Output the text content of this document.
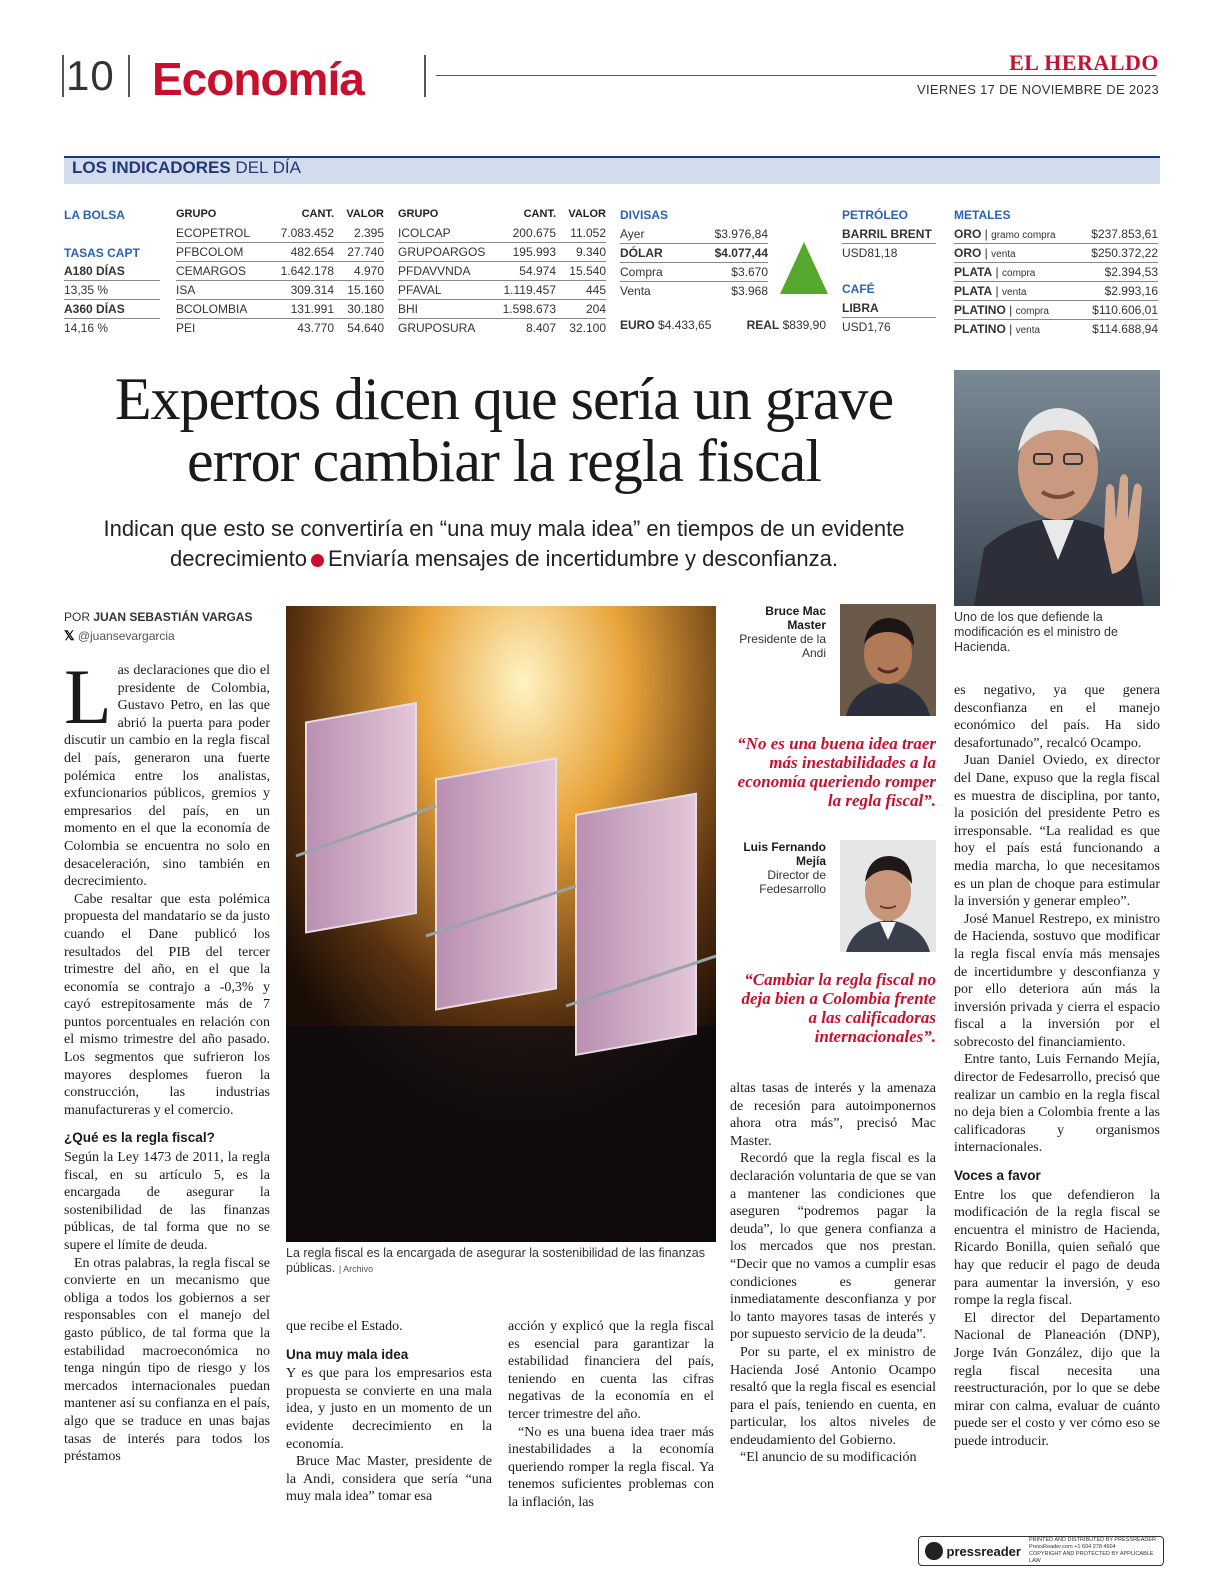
10 Economía	EL HERALDO
VIERNES 17 DE NOVIEMBRE DE 2023
LOS INDICADORES DEL DÍA
LA BOLSA
TASAS CAPT
A180 DÍAS
13,35 %
A360 DÍAS
14,16 %
GRUPO	CANT.	VALOR
ECOPETROL	7.083.452	2.395
PFBCOLOM	482.654	27.740
CEMARGOS	1.642.178	4.970
ISA	309.314	15.160
BCOLOMBIA	131.991	30.180
PEI	43.770	54.640
GRUPO	CANT.	VALOR
ICOLCAP	200.675	11.052
GRUPOARGOS	195.993	9.340
PFDAVVNDA	54.974	15.540
PFAVAL	1.119.457	445
BHI	1.598.673	204
GRUPOSURA	8.407	32.100
DIVISAS
Ayer	$3.976,84
DÓLAR	$4.077,44
Compra	$3.670
Venta	$3.968
EURO $4.433,65	REAL $839,90
PETRÓLEO
BARRIL BRENT
USD81,18
CAFÉ
LIBRA
USD1,76
METALES
ORO | gramo compra	$237.853,61
ORO | venta	$250.372,22
PLATA | compra	$2.394,53
PLATA | venta	$2.993,16
PLATINO | compra	$110.606,01
PLATINO | venta	$114.688,94
Expertos dicen que sería un grave
error cambiar la regla fiscal
Indican que esto se convertiría en “una muy mala idea” en tiempos de un evidente
decrecimiento Enviaría mensajes de incertidumbre y desconfianza.
Uno de los que defiende la modificación es el ministro de Hacienda.
POR JUAN SEBASTIÁN VARGAS
𝕏 @juansevargarcia

Las declaraciones que dio el presidente de Colombia, Gustavo Petro, en las que abrió la puerta para poder discutir un cambio en la regla fiscal del país, generaron una fuerte polémica entre los analistas, exfuncionarios públicos, gremios y empresarios del país, en un momento en el que la economía de Colombia se encuentra no solo en desaceleración, sino también en decrecimiento.

Cabe resaltar que esta polémica propuesta del mandatario se da justo cuando el Dane publicó los resultados del PIB del tercer trimestre del año, en el que la economía se contrajo a -0,3% y cayó estrepitosamente más de 7 puntos porcentuales en relación con el mismo trimestre del año pasado. Los segmentos que sufrieron los mayores desplomes fueron la construcción, las industrias manufactureras y el comercio.

¿Qué es la regla fiscal?

Según la Ley 1473 de 2011, la regla fiscal, en su artículo 5, es la encargada de asegurar la sostenibilidad de las finanzas públicas, de tal forma que no se supere el límite de deuda.

En otras palabras, la regla fiscal se convierte en un mecanismo que obliga a todos los gobiernos a ser responsables con el manejo del gasto público, de tal forma que la estabilidad macroeconómica no tenga ningún tipo de riesgo y los mercados internacionales puedan mantener así su confianza en el país, algo que se traduce en unas bajas tasas de interés para todos los préstamos

La regla fiscal es la encargada de asegurar la sostenibilidad de las finanzas públicas. | Archivo

que recibe el Estado.

Una muy mala idea

Y es que para los empresarios esta propuesta se convierte en una mala idea, y justo en un momento de un evidente decrecimiento en la economía.

Bruce Mac Master, presidente de la Andi, considera que sería “una muy mala idea” tomar esa

acción y explicó que la regla fiscal es esencial para garantizar la estabilidad financiera del país, teniendo en cuenta las cifras negativas de la economía en el tercer trimestre del año.

“No es una buena idea traer más inestabilidades a la economía queriendo romper la regla fiscal. Ya tenemos suficientes problemas con la inflación, las

Bruce Mac
Master
Presidente de la
Andi
“No es una buena idea traer más inestabilidades a la economía queriendo romper la regla fiscal”.
Luis Fernando
Mejía
Director de
Fedesarrollo
“Cambiar la regla fiscal no deja bien a Colombia frente a las calificadoras internacionales”.

altas tasas de interés y la amenaza de recesión para autoimponernos ahora otra más”, precisó Mac Master.

Recordó que la regla fiscal es la declaración voluntaria de que se van a mantener las condiciones que aseguren “podremos pagar la deuda”, lo que genera confianza a los mercados que nos prestan. “Decir que no vamos a cumplir esas condiciones es generar inmediatamente desconfianza y por lo tanto mayores tasas de interés y por supuesto servicio de la deuda”.

Por su parte, el ex ministro de Hacienda José Antonio Ocampo resaltó que la regla fiscal es esencial para el país, teniendo en cuenta, en particular, los altos niveles de endeudamiento del Gobierno.

“El anuncio de su modificación

es negativo, ya que genera desconfianza en el manejo económico del país. Ha sido desafortunado”, recalcó Ocampo.

Juan Daniel Oviedo, ex director del Dane, expuso que la regla fiscal es muestra de disciplina, por tanto, la posición del presidente Petro es irresponsable. “La realidad es que hoy el país está funcionando a media marcha, lo que necesitamos es un plan de choque para estimular la inversión y generar empleo”.

José Manuel Restrepo, ex ministro de Hacienda, sostuvo que modificar la regla fiscal envía más mensajes de incertidumbre y desconfianza y por ello deteriora aún más la inversión privada y cierra el espacio fiscal a la inversión por el sobrecosto del financiamiento.

Entre tanto, Luis Fernando Mejía, director de Fedesarrollo, precisó que realizar un cambio en la regla fiscal no deja bien a Colombia frente a las calificadoras y organismos internacionales.

Voces a favor

Entre los que defendieron la modificación de la regla fiscal se encuentra el ministro de Hacienda, Ricardo Bonilla, quien señaló que hay que reducir el pago de deuda para aumentar la inversión, y eso rompe la regla fiscal.

El director del Departamento Nacional de Planeación (DNP), Jorge Iván González, dijo que la regla fiscal necesita una reestructuración, por lo que se debe mirar con calma, evaluar de cuánto puede ser el costo y ver cómo eso se puede introducir.

pressreader
PRINTED AND DISTRIBUTED BY PRESSREADER
PressReader.com +1 604 278 4604
COPYRIGHT AND PROTECTED BY APPLICABLE LAW
